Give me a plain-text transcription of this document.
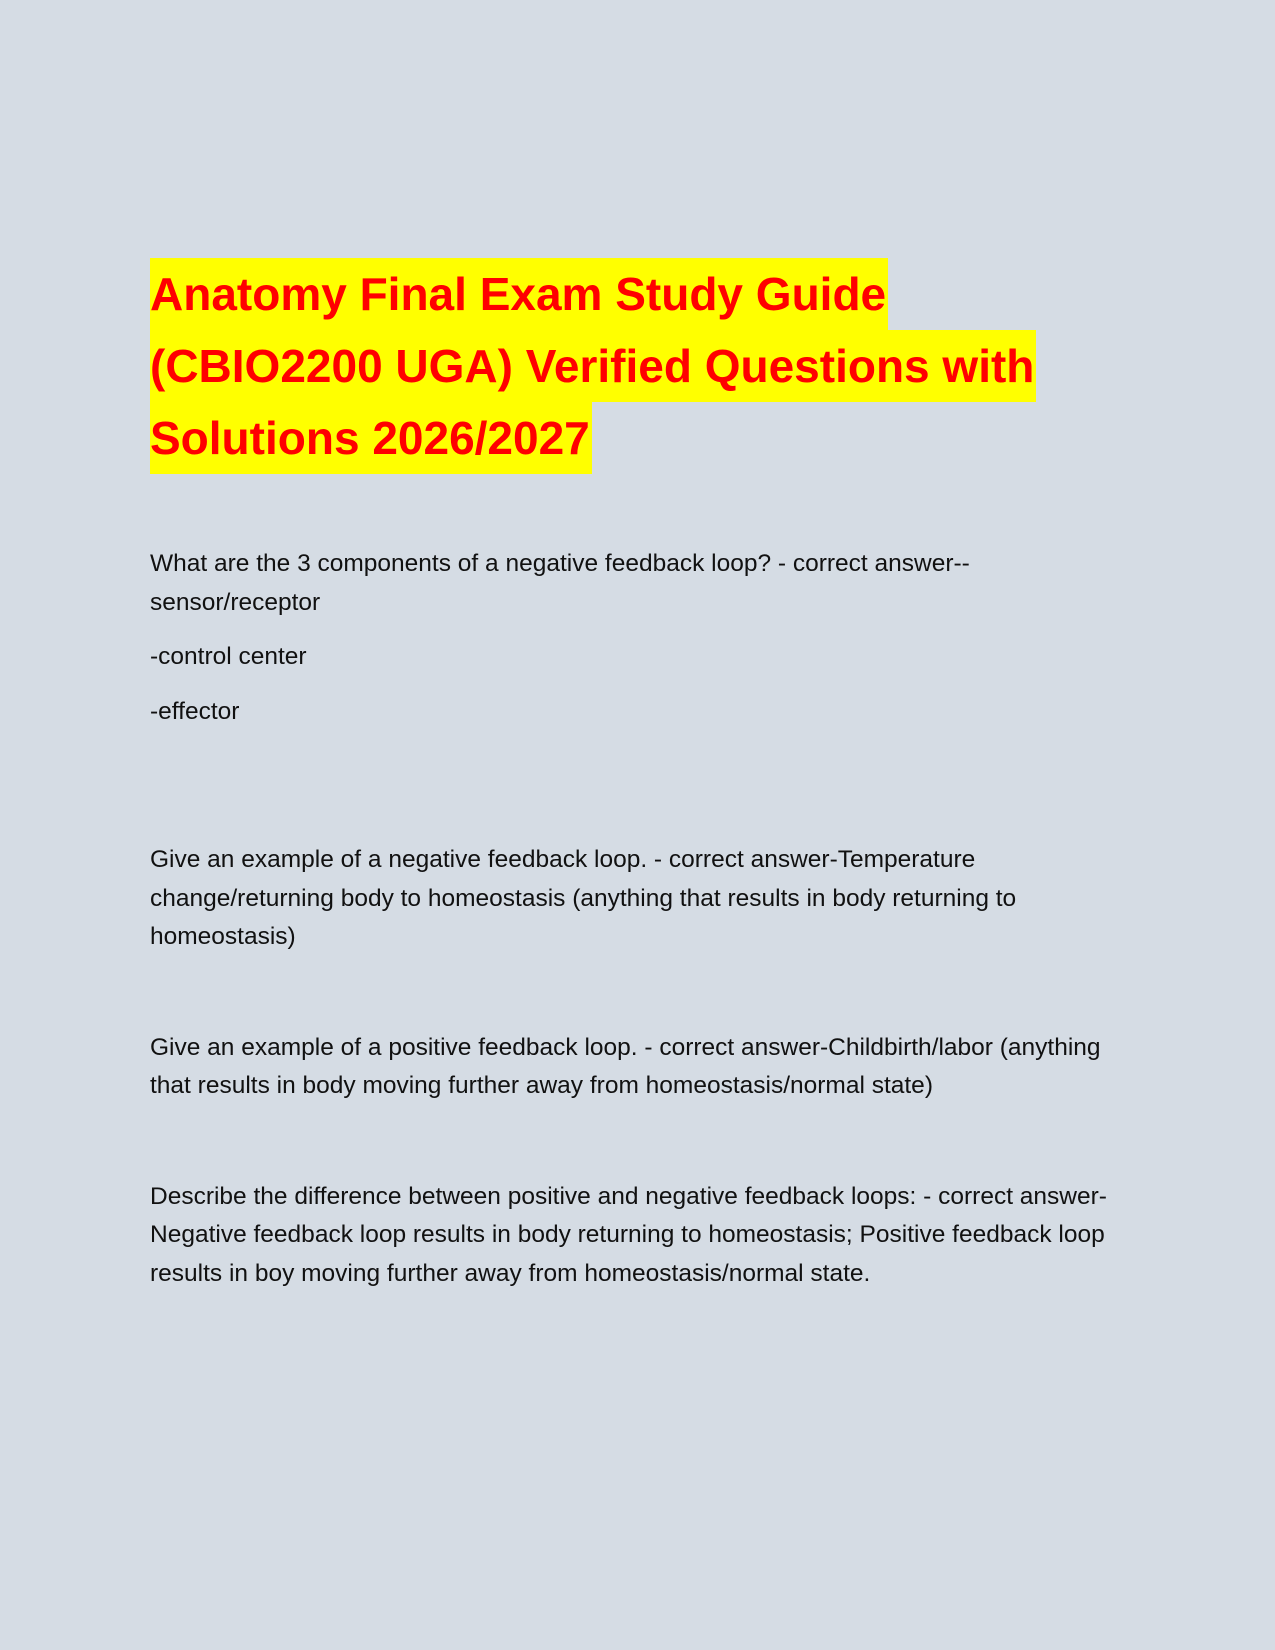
Anatomy Final Exam Study Guide
(CBIO2200 UGA) Verified Questions with
Solutions 2026/2027

What are the 3 components of a negative feedback loop? - correct answer--sensor/receptor

-control center

-effector

Give an example of a negative feedback loop. - correct answer-Temperature change/returning body to homeostasis (anything that results in body returning to homeostasis)

Give an example of a positive feedback loop. - correct answer-Childbirth/labor (anything that results in body moving further away from homeostasis/normal state)

Describe the difference between positive and negative feedback loops: - correct answer-Negative feedback loop results in body returning to homeostasis; Positive feedback loop results in boy moving further away from homeostasis/normal state.
